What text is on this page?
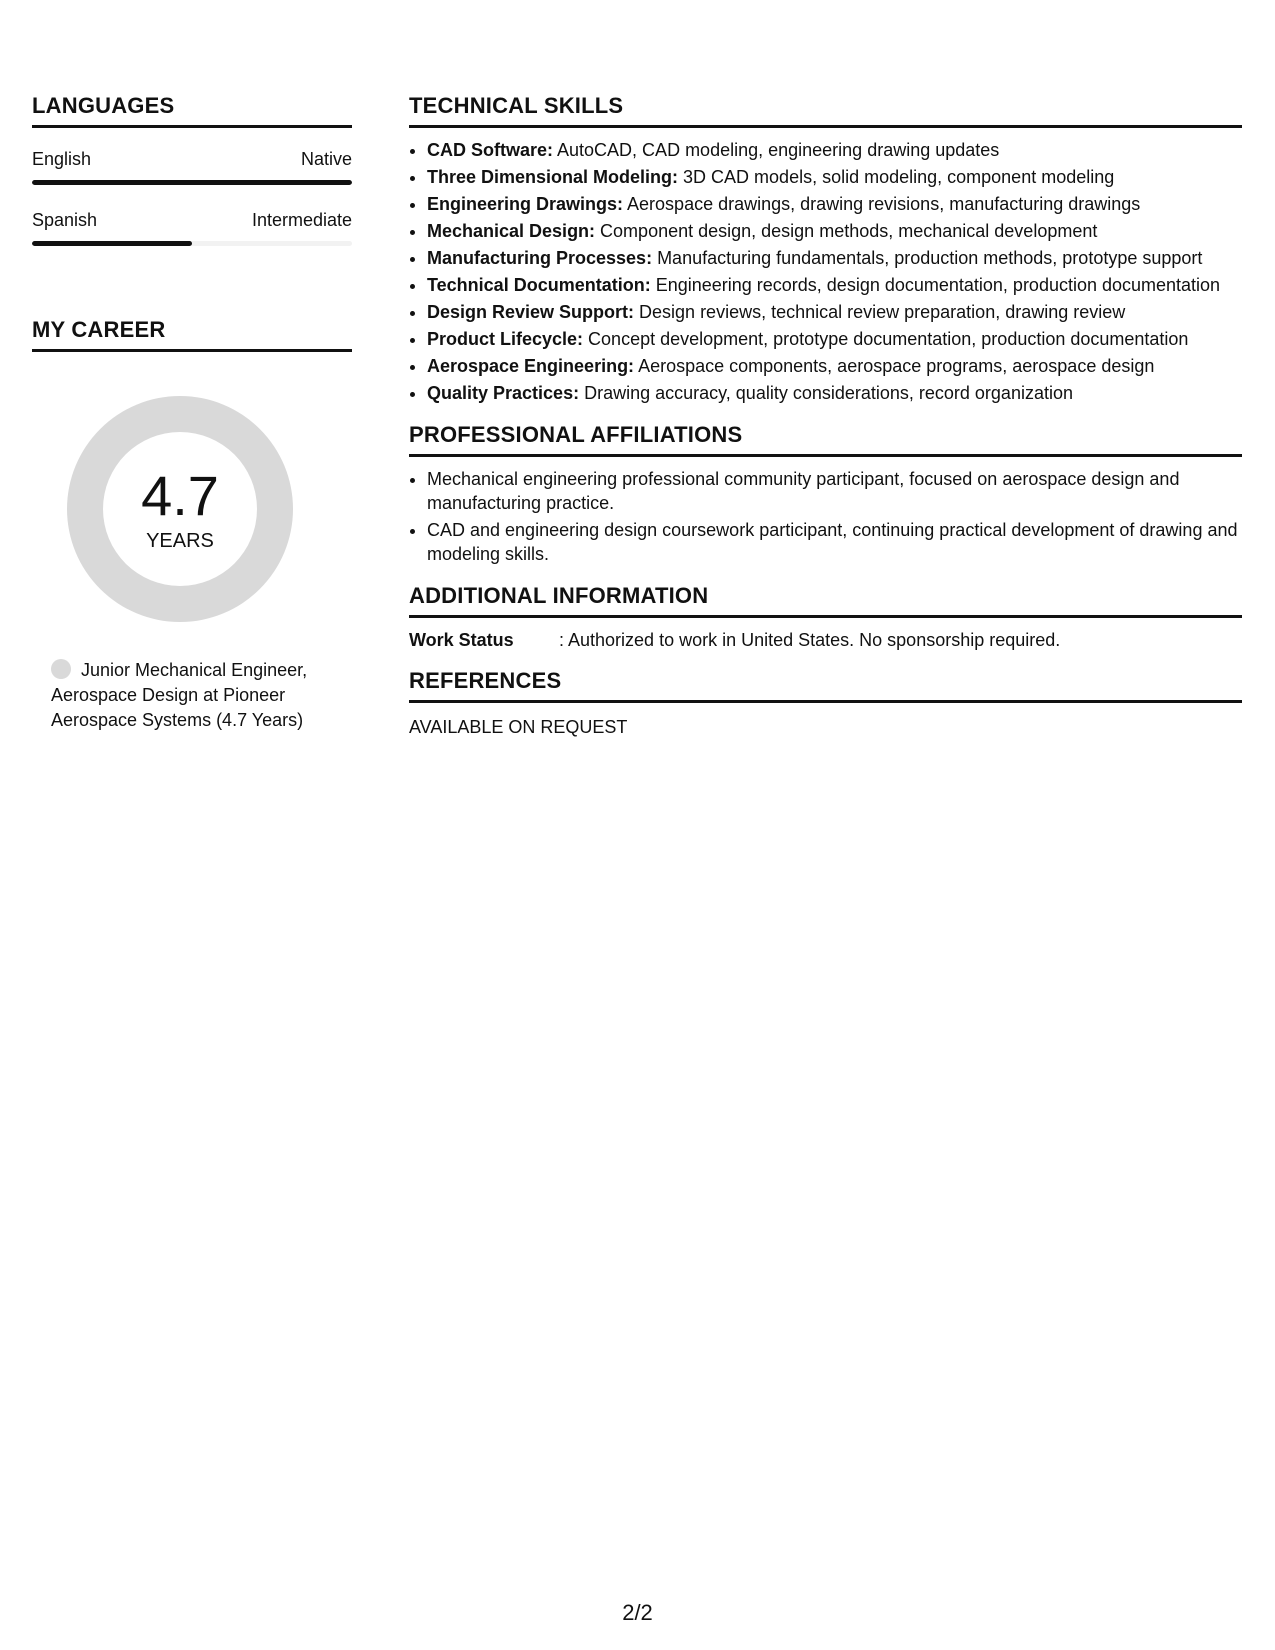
LANGUAGES
English	Native
Spanish	Intermediate
MY CAREER
4.7
YEARS
Junior Mechanical Engineer, Aerospace Design at Pioneer Aerospace Systems (4.7 Years)
TECHNICAL SKILLS
• CAD Software: AutoCAD, CAD modeling, engineering drawing updates
• Three Dimensional Modeling: 3D CAD models, solid modeling, component modeling
• Engineering Drawings: Aerospace drawings, drawing revisions, manufacturing drawings
• Mechanical Design: Component design, design methods, mechanical development
• Manufacturing Processes: Manufacturing fundamentals, production methods, prototype support
• Technical Documentation: Engineering records, design documentation, production documentation
• Design Review Support: Design reviews, technical review preparation, drawing review
• Product Lifecycle: Concept development, prototype documentation, production documentation
• Aerospace Engineering: Aerospace components, aerospace programs, aerospace design
• Quality Practices: Drawing accuracy, quality considerations, record organization
PROFESSIONAL AFFILIATIONS
• Mechanical engineering professional community participant, focused on aerospace design and manufacturing practice.
• CAD and engineering design coursework participant, continuing practical development of drawing and modeling skills.
ADDITIONAL INFORMATION
Work Status	: Authorized to work in United States. No sponsorship required.
REFERENCES
AVAILABLE ON REQUEST
2/2
